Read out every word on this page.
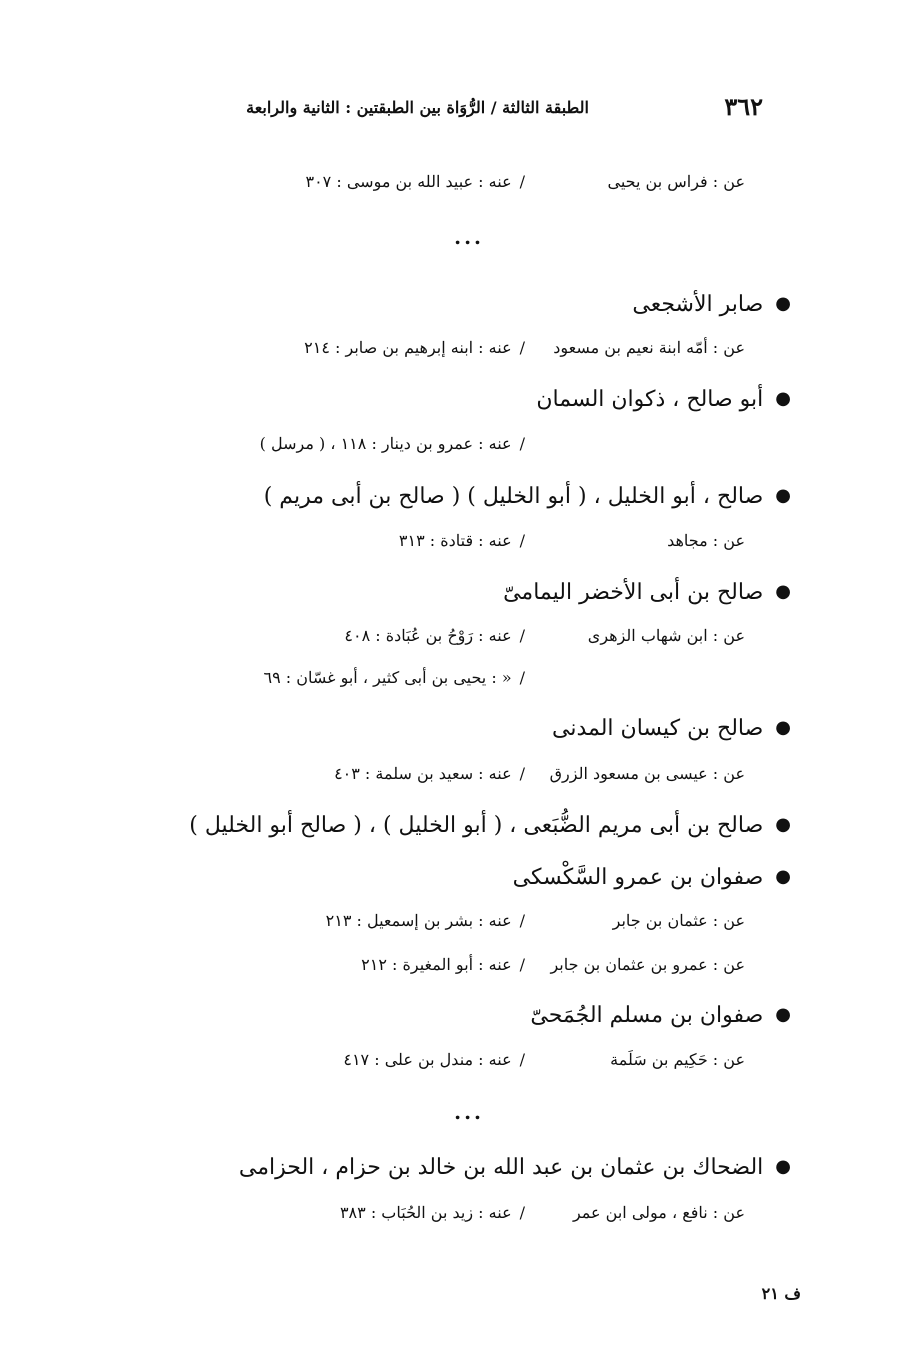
٣٦٢
الطبقة الثالثة / الرُّوَاة بين الطبقتين : الثانية والرابعة
عن : فراس بن يحيى/عنه : عبيد الله بن موسى : ٣٠٧
...
●صابر الأشجعى
عن : أمّه ابنة نعيم بن مسعود/عنه : ابنه إبرهيم بن صابر : ٢١٤
●أبو صالح ، ذكوان السمان
/عنه : عمرو بن دينار : ١١٨ ، ( مرسل )
●صالح ، أبو الخليل ، ( أبو الخليل ) ( صالح بن أبى مريم )
عن : مجاهد/عنه : قتادة : ٣١٣
●صالح بن أبى الأخضر اليمامىّ
عن : ابن شهاب الزهرى/عنه : رَوْحُ بن عُبَادة : ٤٠٨
/« : يحيى بن أبى كثير ، أبو غسّان : ٦٩
●صالح بن كيسان المدنى
عن : عيسى بن مسعود الزرق/عنه : سعيد بن سلمة : ٤٠٣
●صالح بن أبى مريم الضُّبَعى ، ( أبو الخليل ) ، ( صالح أبو الخليل )
●صفوان بن عمرو السَّكْسكى
عن : عثمان بن جابر/عنه : بشر بن إسمعيل : ٢١٣
عن : عمرو بن عثمان بن جابر/عنه : أبو المغيرة : ٢١٢
●صفوان بن مسلم الجُمَحىّ
عن : حَكِيم بن سَلَمة/عنه : مندل بن على : ٤١٧
...
●الضحاك بن عثمان بن عبد الله بن خالد بن حزام ، الحزامى
عن : نافع ، مولى ابن عمر/عنه : زيد بن الحُبَاب : ٣٨٣
ف ٢١
